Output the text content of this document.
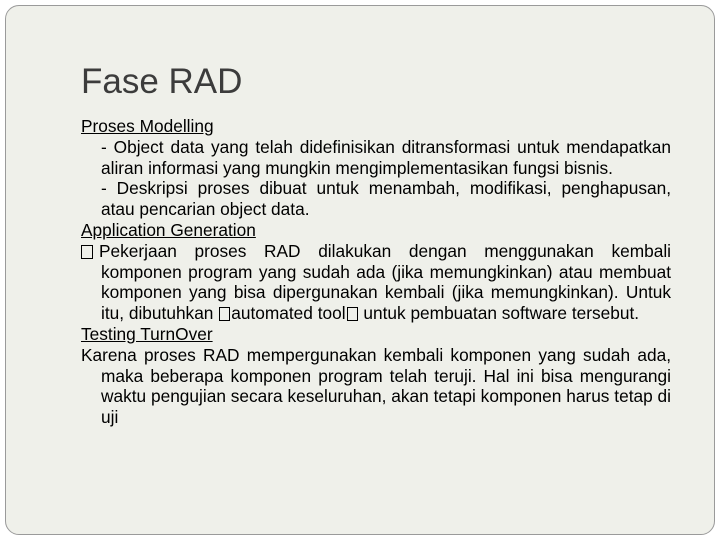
Fase RAD
Proses Modelling
- Object data yang telah didefinisikan ditransformasi untuk mendapatkan aliran informasi yang mungkin mengimplementasikan fungsi bisnis.
- Deskripsi proses dibuat untuk menambah, modifikasi, penghapusan, atau pencarian object data.
Application Generation
Pekerjaan proses RAD dilakukan dengan menggunakan kembali komponen program yang sudah ada (jika memungkinkan) atau membuat komponen yang bisa dipergunakan kembali (jika memungkinkan). Untuk itu, dibutuhkan automated tool untuk pembuatan software tersebut.
Testing TurnOver
Karena proses RAD mempergunakan kembali komponen yang sudah ada, maka beberapa komponen program telah teruji. Hal ini bisa mengurangi waktu pengujian secara keseluruhan, akan tetapi komponen harus tetap di uji
